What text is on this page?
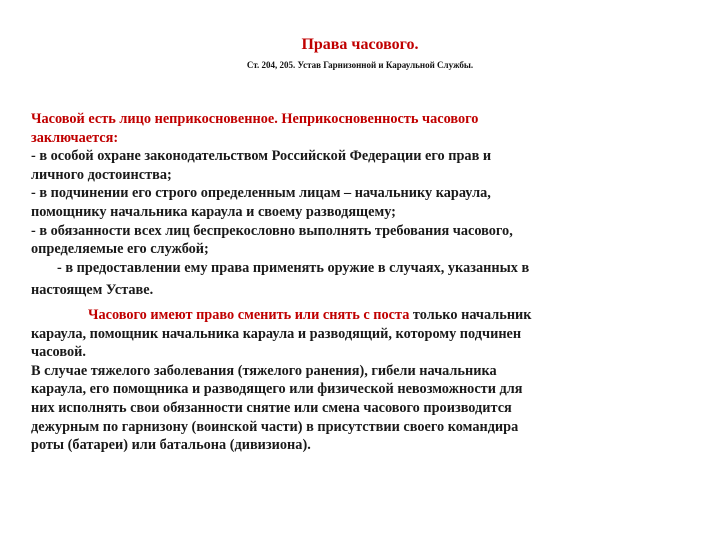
Права часового.
Ст. 204, 205. Устав Гарнизонной и Караульной Службы.
Часовой есть лицо неприкосновенное. Неприкосновенность часового
заключается:
- в особой охране законодательством Российской Федерации его прав и
личного достоинства;
- в подчинении его строго определенным лицам – начальнику караула,
помощнику начальника караула и своему разводящему;
- в обязанности всех лиц беспрекословно выполнять требования часового,
определяемые его службой;
- в предоставлении ему права применять оружие в случаях, указанных в
настоящем Уставе.
Часового имеют право сменить или снять с поста только начальник
караула, помощник начальника караула и разводящий, которому подчинен
часовой.
В случае тяжелого заболевания (тяжелого ранения), гибели начальника
караула, его помощника и разводящего или физической невозможности для
них исполнять свои обязанности снятие или смена часового производится
дежурным по гарнизону (воинской части) в присутствии своего командира
роты (батареи) или батальона (дивизиона).
